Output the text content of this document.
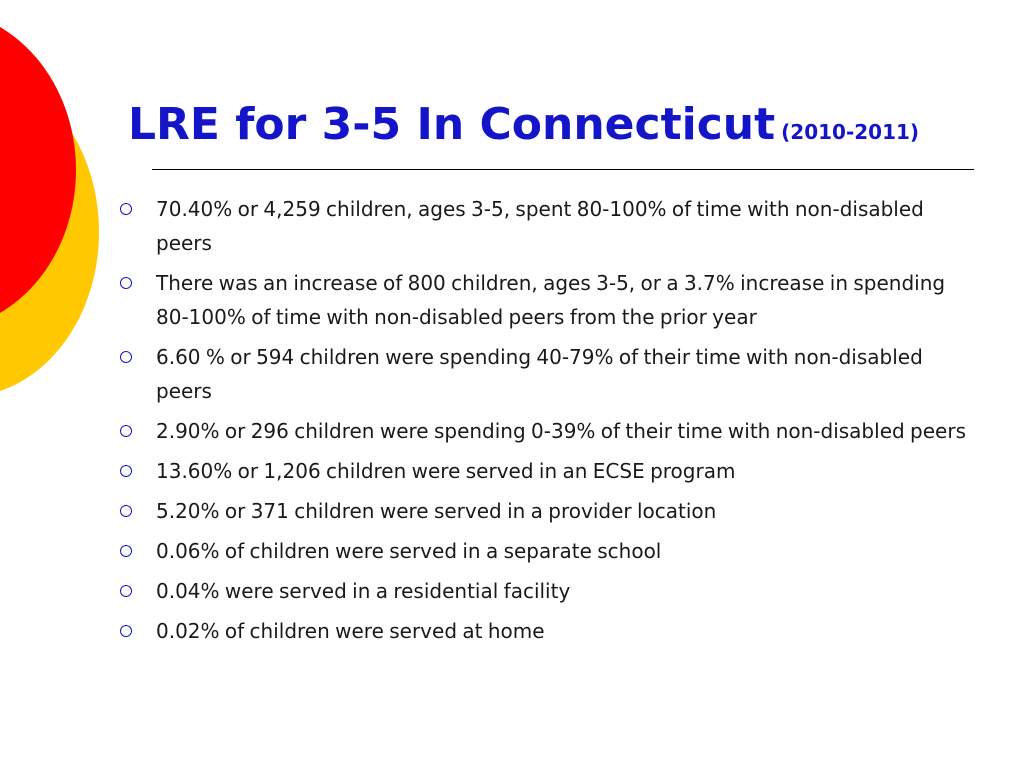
LRE for 3-5 In Connecticut (2010-2011)
70.40% or 4,259 children, ages 3-5, spent 80-100% of time with non-disabled peers
There was an increase of 800 children, ages 3-5, or a 3.7% increase in spending 80-100% of time with non-disabled peers from the prior year
6.60 % or 594 children were spending 40-79% of their time with non-disabled peers
2.90% or 296 children were spending 0-39% of their time with non-disabled peers
13.60% or 1,206 children were served in an ECSE program
5.20% or 371 children were served in a provider location
0.06% of children were served in a separate school
0.04% were served in a residential facility
0.02% of children were served at home
